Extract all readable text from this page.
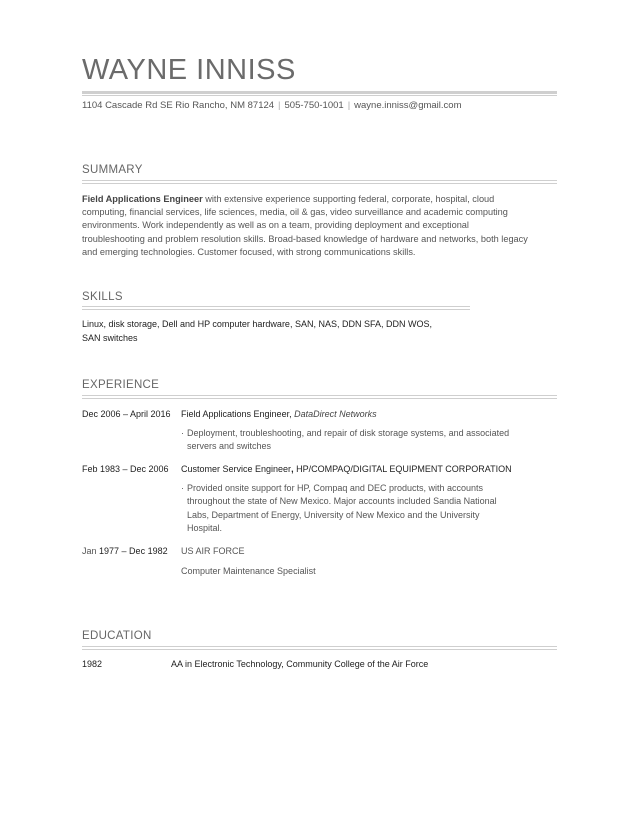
WAYNE INNISS
1104 Cascade Rd SE Rio Rancho, NM 87124 | 505-750-1001 | wayne.inniss@gmail.com
SUMMARY
Field Applications Engineer with extensive experience supporting federal, corporate, hospital, cloud computing, financial services, life sciences, media, oil & gas, video surveillance and academic computing environments. Work independently as well as on a team, providing deployment and exceptional troubleshooting and problem resolution skills. Broad-based knowledge of hardware and networks, both legacy and emerging technologies. Customer focused, with strong communications skills.
SKILLS
Linux, disk storage, Dell and HP computer hardware, SAN, NAS, DDN SFA, DDN WOS,
SAN switches
EXPERIENCE
Dec 2006 – April 2016 Field Applications Engineer, DataDirect Networks
· Deployment, troubleshooting, and repair of disk storage systems, and associated
servers and switches
Feb 1983 – Dec 2006 Customer Service Engineer, HP/COMPAQ/DIGITAL EQUIPMENT CORPORATION
· Provided onsite support for HP, Compaq and DEC products, with accounts
throughout the state of New Mexico. Major accounts included Sandia National
Labs, Department of Energy, University of New Mexico and the University
Hospital.
Jan 1977 – Dec 1982 US AIR FORCE
Computer Maintenance Specialist
EDUCATION
1982	AA in Electronic Technology, Community College of the Air Force
